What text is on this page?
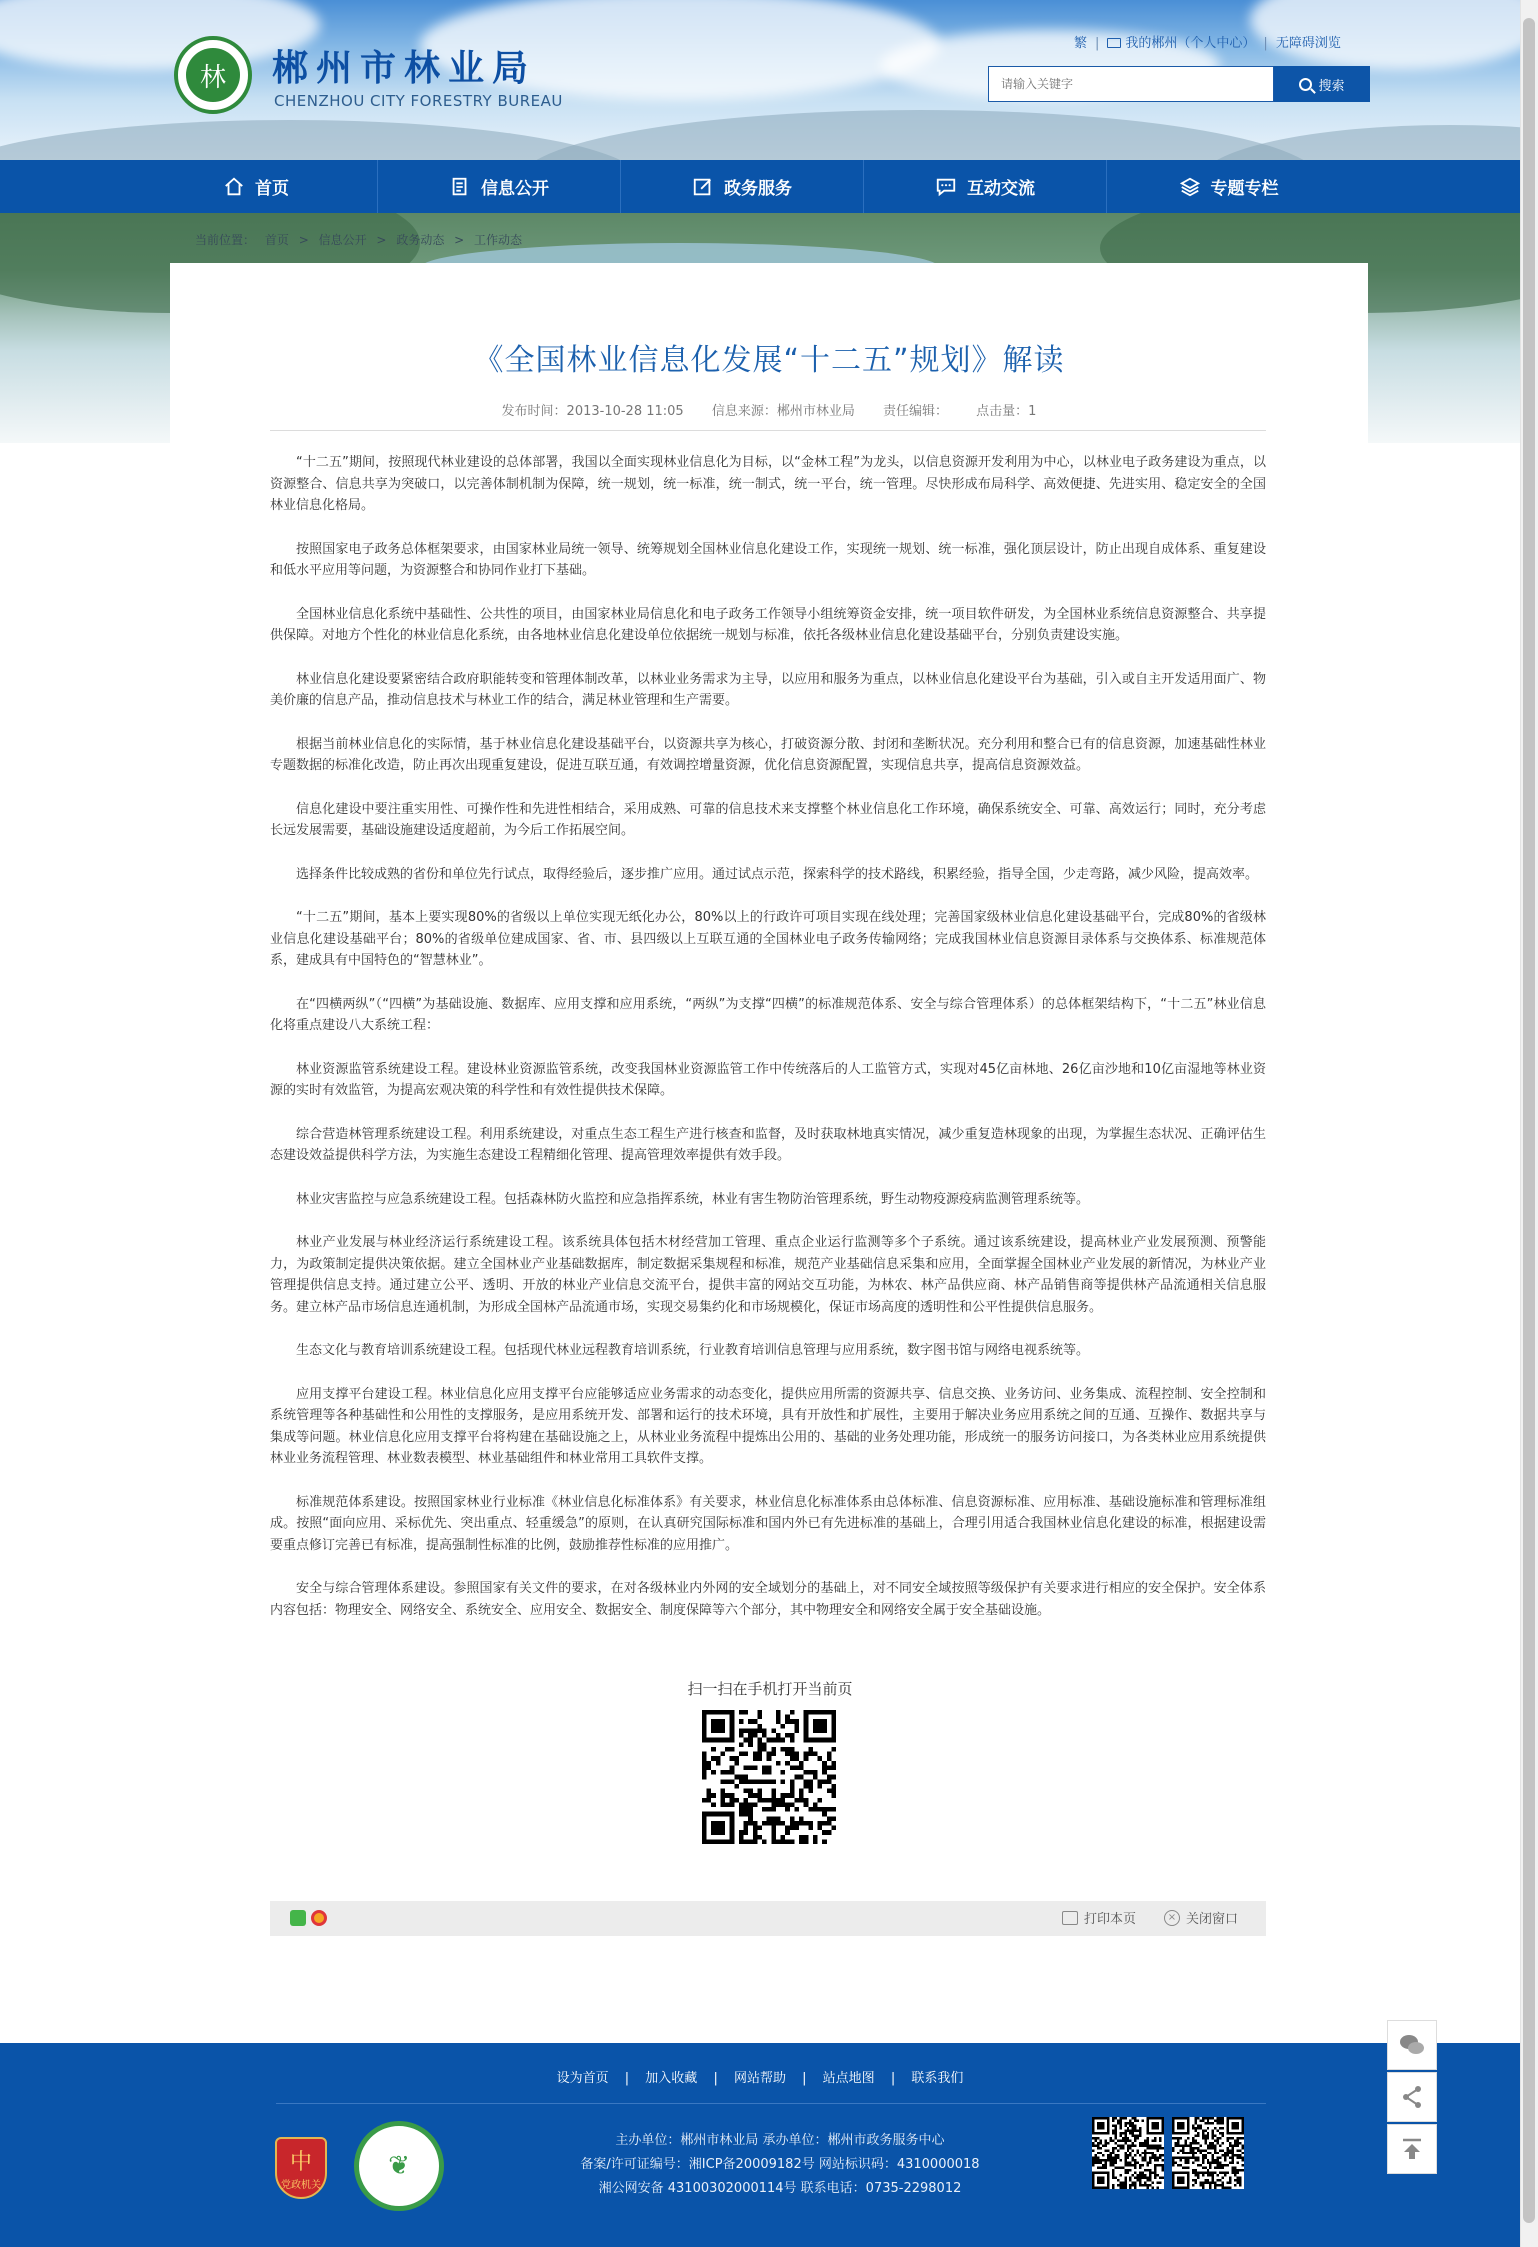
林	郴州市林业局
CHENZHOU CITY FORESTRY BUREAU
繁 | 我的郴州（个人中心） | 无障碍浏览
请输入关键字
搜索
首页	信息公开	政务服务	互动交流	专题专栏
当前位置： 首页 > 信息公开 > 政务动态 > 工作动态
《全国林业信息化发展“十二五”规划》解读
发布时间：2013-10-28 11:05 信息来源：郴州市林业局 责任编辑： 点击量：1

“十二五”期间，按照现代林业建设的总体部署，我国以全面实现林业信息化为目标，以“金林工程”为龙头，以信息资源开发利用为中心，以林业电子政务建设为重点，以资源整合、信息共享为突破口，以完善体制机制为保障，统一规划，统一标准，统一制式，统一平台，统一管理。尽快形成布局科学、高效便捷、先进实用、稳定安全的全国林业信息化格局。

按照国家电子政务总体框架要求，由国家林业局统一领导、统筹规划全国林业信息化建设工作，实现统一规划、统一标准，强化顶层设计，防止出现自成体系、重复建设和低水平应用等问题，为资源整合和协同作业打下基础。

全国林业信息化系统中基础性、公共性的项目，由国家林业局信息化和电子政务工作领导小组统筹资金安排，统一项目软件研发，为全国林业系统信息资源整合、共享提供保障。对地方个性化的林业信息化系统，由各地林业信息化建设单位依据统一规划与标准，依托各级林业信息化建设基础平台，分别负责建设实施。

林业信息化建设要紧密结合政府职能转变和管理体制改革，以林业业务需求为主导，以应用和服务为重点，以林业信息化建设平台为基础，引入或自主开发适用面广、物美价廉的信息产品，推动信息技术与林业工作的结合，满足林业管理和生产需要。

根据当前林业信息化的实际情，基于林业信息化建设基础平台，以资源共享为核心，打破资源分散、封闭和垄断状况。充分利用和整合已有的信息资源，加速基础性林业专题数据的标准化改造，防止再次出现重复建设，促进互联互通，有效调控增量资源，优化信息资源配置，实现信息共享，提高信息资源效益。

信息化建设中要注重实用性、可操作性和先进性相结合，采用成熟、可靠的信息技术来支撑整个林业信息化工作环境，确保系统安全、可靠、高效运行；同时，充分考虑长远发展需要，基础设施建设适度超前，为今后工作拓展空间。

选择条件比较成熟的省份和单位先行试点，取得经验后，逐步推广应用。通过试点示范，探索科学的技术路线，积累经验，指导全国，少走弯路，减少风险，提高效率。

“十二五”期间，基本上要实现80%的省级以上单位实现无纸化办公，80%以上的行政许可项目实现在线处理；完善国家级林业信息化建设基础平台，完成80%的省级林业信息化建设基础平台；80%的省级单位建成国家、省、市、县四级以上互联互通的全国林业电子政务传输网络；完成我国林业信息资源目录体系与交换体系、标准规范体系，建成具有中国特色的“智慧林业”。

在“四横两纵”（“四横”为基础设施、数据库、应用支撑和应用系统，“两纵”为支撑“四横”的标准规范体系、安全与综合管理体系）的总体框架结构下，“十二五”林业信息化将重点建设八大系统工程：

林业资源监管系统建设工程。建设林业资源监管系统，改变我国林业资源监管工作中传统落后的人工监管方式，实现对45亿亩林地、26亿亩沙地和10亿亩湿地等林业资源的实时有效监管，为提高宏观决策的科学性和有效性提供技术保障。

综合营造林管理系统建设工程。利用系统建设，对重点生态工程生产进行核查和监督，及时获取林地真实情况，减少重复造林现象的出现，为掌握生态状况、正确评估生态建设效益提供科学方法，为实施生态建设工程精细化管理、提高管理效率提供有效手段。

林业灾害监控与应急系统建设工程。包括森林防火监控和应急指挥系统，林业有害生物防治管理系统，野生动物疫源疫病监测管理系统等。

林业产业发展与林业经济运行系统建设工程。该系统具体包括木材经营加工管理、重点企业运行监测等多个子系统。通过该系统建设，提高林业产业发展预测、预警能力，为政策制定提供决策依据。建立全国林业产业基础数据库，制定数据采集规程和标准，规范产业基础信息采集和应用，全面掌握全国林业产业发展的新情况，为林业产业管理提供信息支持。通过建立公平、透明、开放的林业产业信息交流平台，提供丰富的网站交互功能，为林农、林产品供应商、林产品销售商等提供林产品流通相关信息服务。建立林产品市场信息连通机制，为形成全国林产品流通市场，实现交易集约化和市场规模化，保证市场高度的透明性和公平性提供信息服务。

生态文化与教育培训系统建设工程。包括现代林业远程教育培训系统，行业教育培训信息管理与应用系统，数字图书馆与网络电视系统等。

应用支撑平台建设工程。林业信息化应用支撑平台应能够适应业务需求的动态变化，提供应用所需的资源共享、信息交换、业务访问、业务集成、流程控制、安全控制和系统管理等各种基础性和公用性的支撑服务，是应用系统开发、部署和运行的技术环境，具有开放性和扩展性，主要用于解决业务应用系统之间的互通、互操作、数据共享与集成等问题。林业信息化应用支撑平台将构建在基础设施之上，从林业业务流程中提炼出公用的、基础的业务处理功能，形成统一的服务访问接口，为各类林业应用系统提供林业业务流程管理、林业数表模型、林业基础组件和林业常用工具软件支撑。

标准规范体系建设。按照国家林业行业标准《林业信息化标准体系》有关要求，林业信息化标准体系由总体标准、信息资源标准、应用标准、基础设施标准和管理标准组成。按照“面向应用、采标优先、突出重点、轻重缓急”的原则，在认真研究国际标准和国内外已有先进标准的基础上，合理引用适合我国林业信息化建设的标准，根据建设需要重点修订完善已有标准，提高强制性标准的比例，鼓励推荐性标准的应用推广。

安全与综合管理体系建设。参照国家有关文件的要求，在对各级林业内外网的安全域划分的基础上，对不同安全域按照等级保护有关要求进行相应的安全保护。安全体系内容包括：物理安全、网络安全、系统安全、应用安全、数据安全、制度保障等六个部分，其中物理安全和网络安全属于安全基础设施。

扫一扫在手机打开当前页
打印本页	× 关闭窗口
设为首页 | 加入收藏 | 网站帮助 | 站点地图 | 联系我们
主办单位：郴州市林业局 承办单位：郴州市政务服务中心
备案/许可证编号：湘ICP备20009182号 网站标识码：4310000018
湘公网安备 43100302000114号 联系电话：0735-2298012
中
党政机关
❦
